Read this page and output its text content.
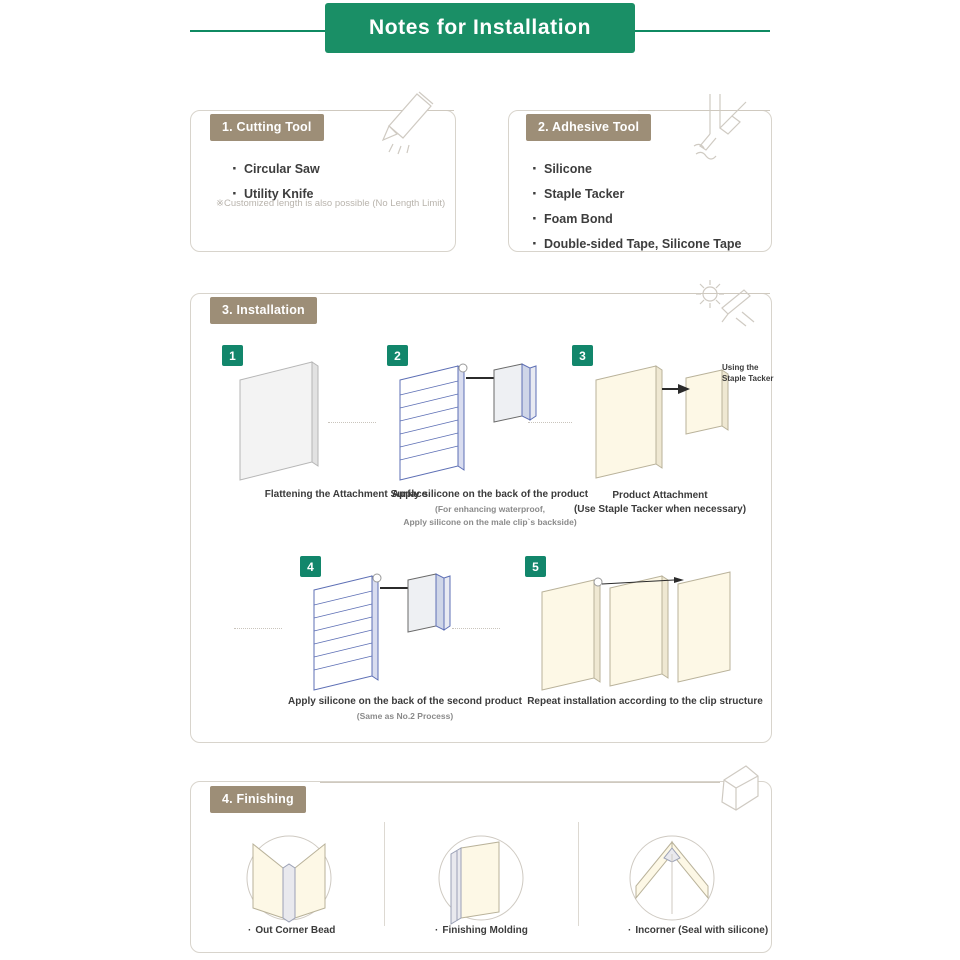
Notes for Installation
1. Cutting Tool
· Circular Saw
· Utility Knife
※Customized length is also possible (No Length Limit)
2. Adhesive Tool
· Silicone
· Staple Tacker
· Foam Bond
· Double-sided Tape, Silicone Tape
3. Installation
1
Flattening the Attachment Surface
2
Apply silicone on the back of the product
(For enhancing waterproof,
Apply silicone on the male clip`s backside)
3
Using the
Staple Tacker
Product Attachment
(Use Staple Tacker when necessary)
4
Apply silicone on the back of the second product
(Same as No.2 Process)
5
Repeat installation according to the clip structure
4. Finishing
· Out Corner Bead	· Finishing Molding	· Incorner (Seal with silicone)
